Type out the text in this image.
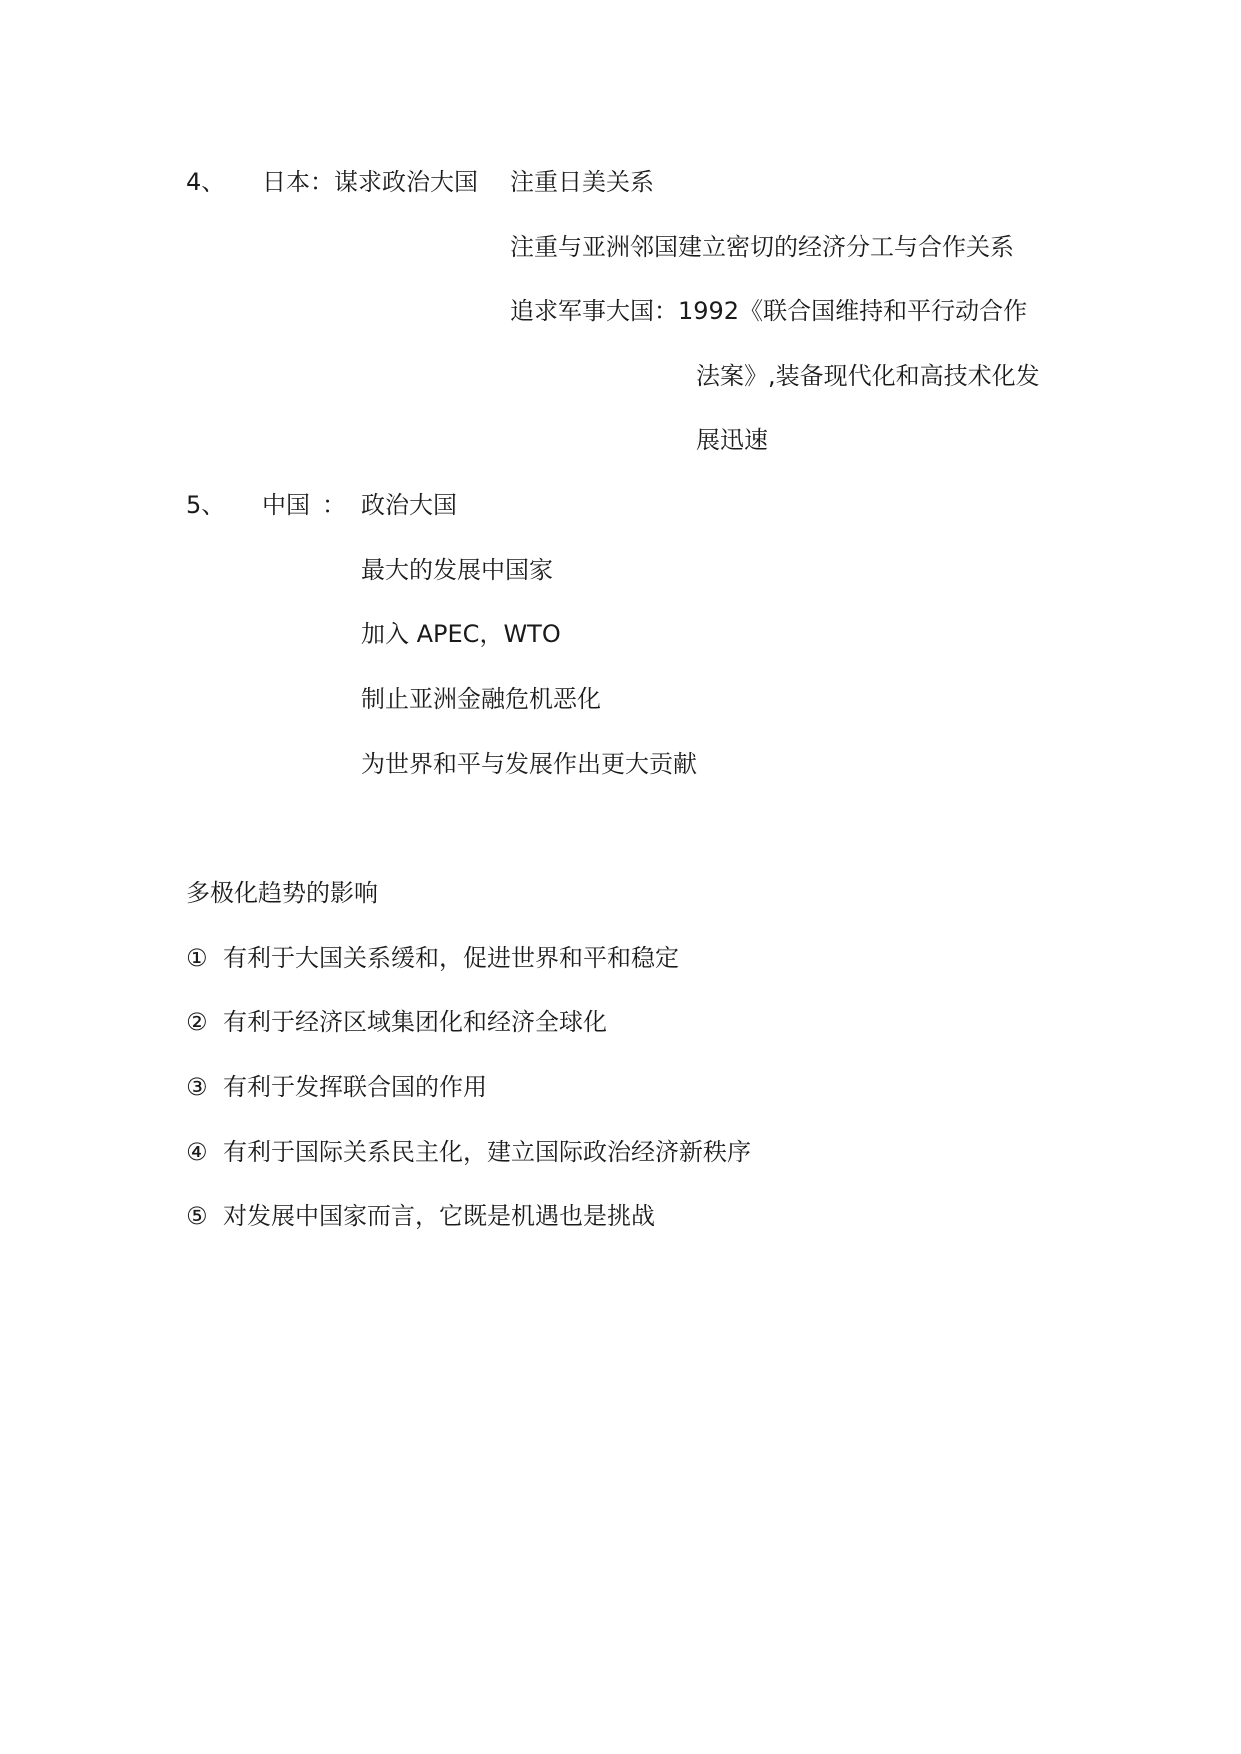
4、 日本：谋求政治大国 注重日美关系
注重与亚洲邻国建立密切的经济分工与合作关系
追求军事大国：1992《联合国维持和平行动合作
法案》,装备现代化和高技术化发
展迅速
5、 中国 ： 政治大国
最大的发展中国家
加入 APEC，WTO
制止亚洲金融危机恶化
为世界和平与发展作出更大贡献
多极化趋势的影响
① 有利于大国关系缓和，促进世界和平和稳定
② 有利于经济区域集团化和经济全球化
③ 有利于发挥联合国的作用
④ 有利于国际关系民主化，建立国际政治经济新秩序
⑤ 对发展中国家而言，它既是机遇也是挑战
